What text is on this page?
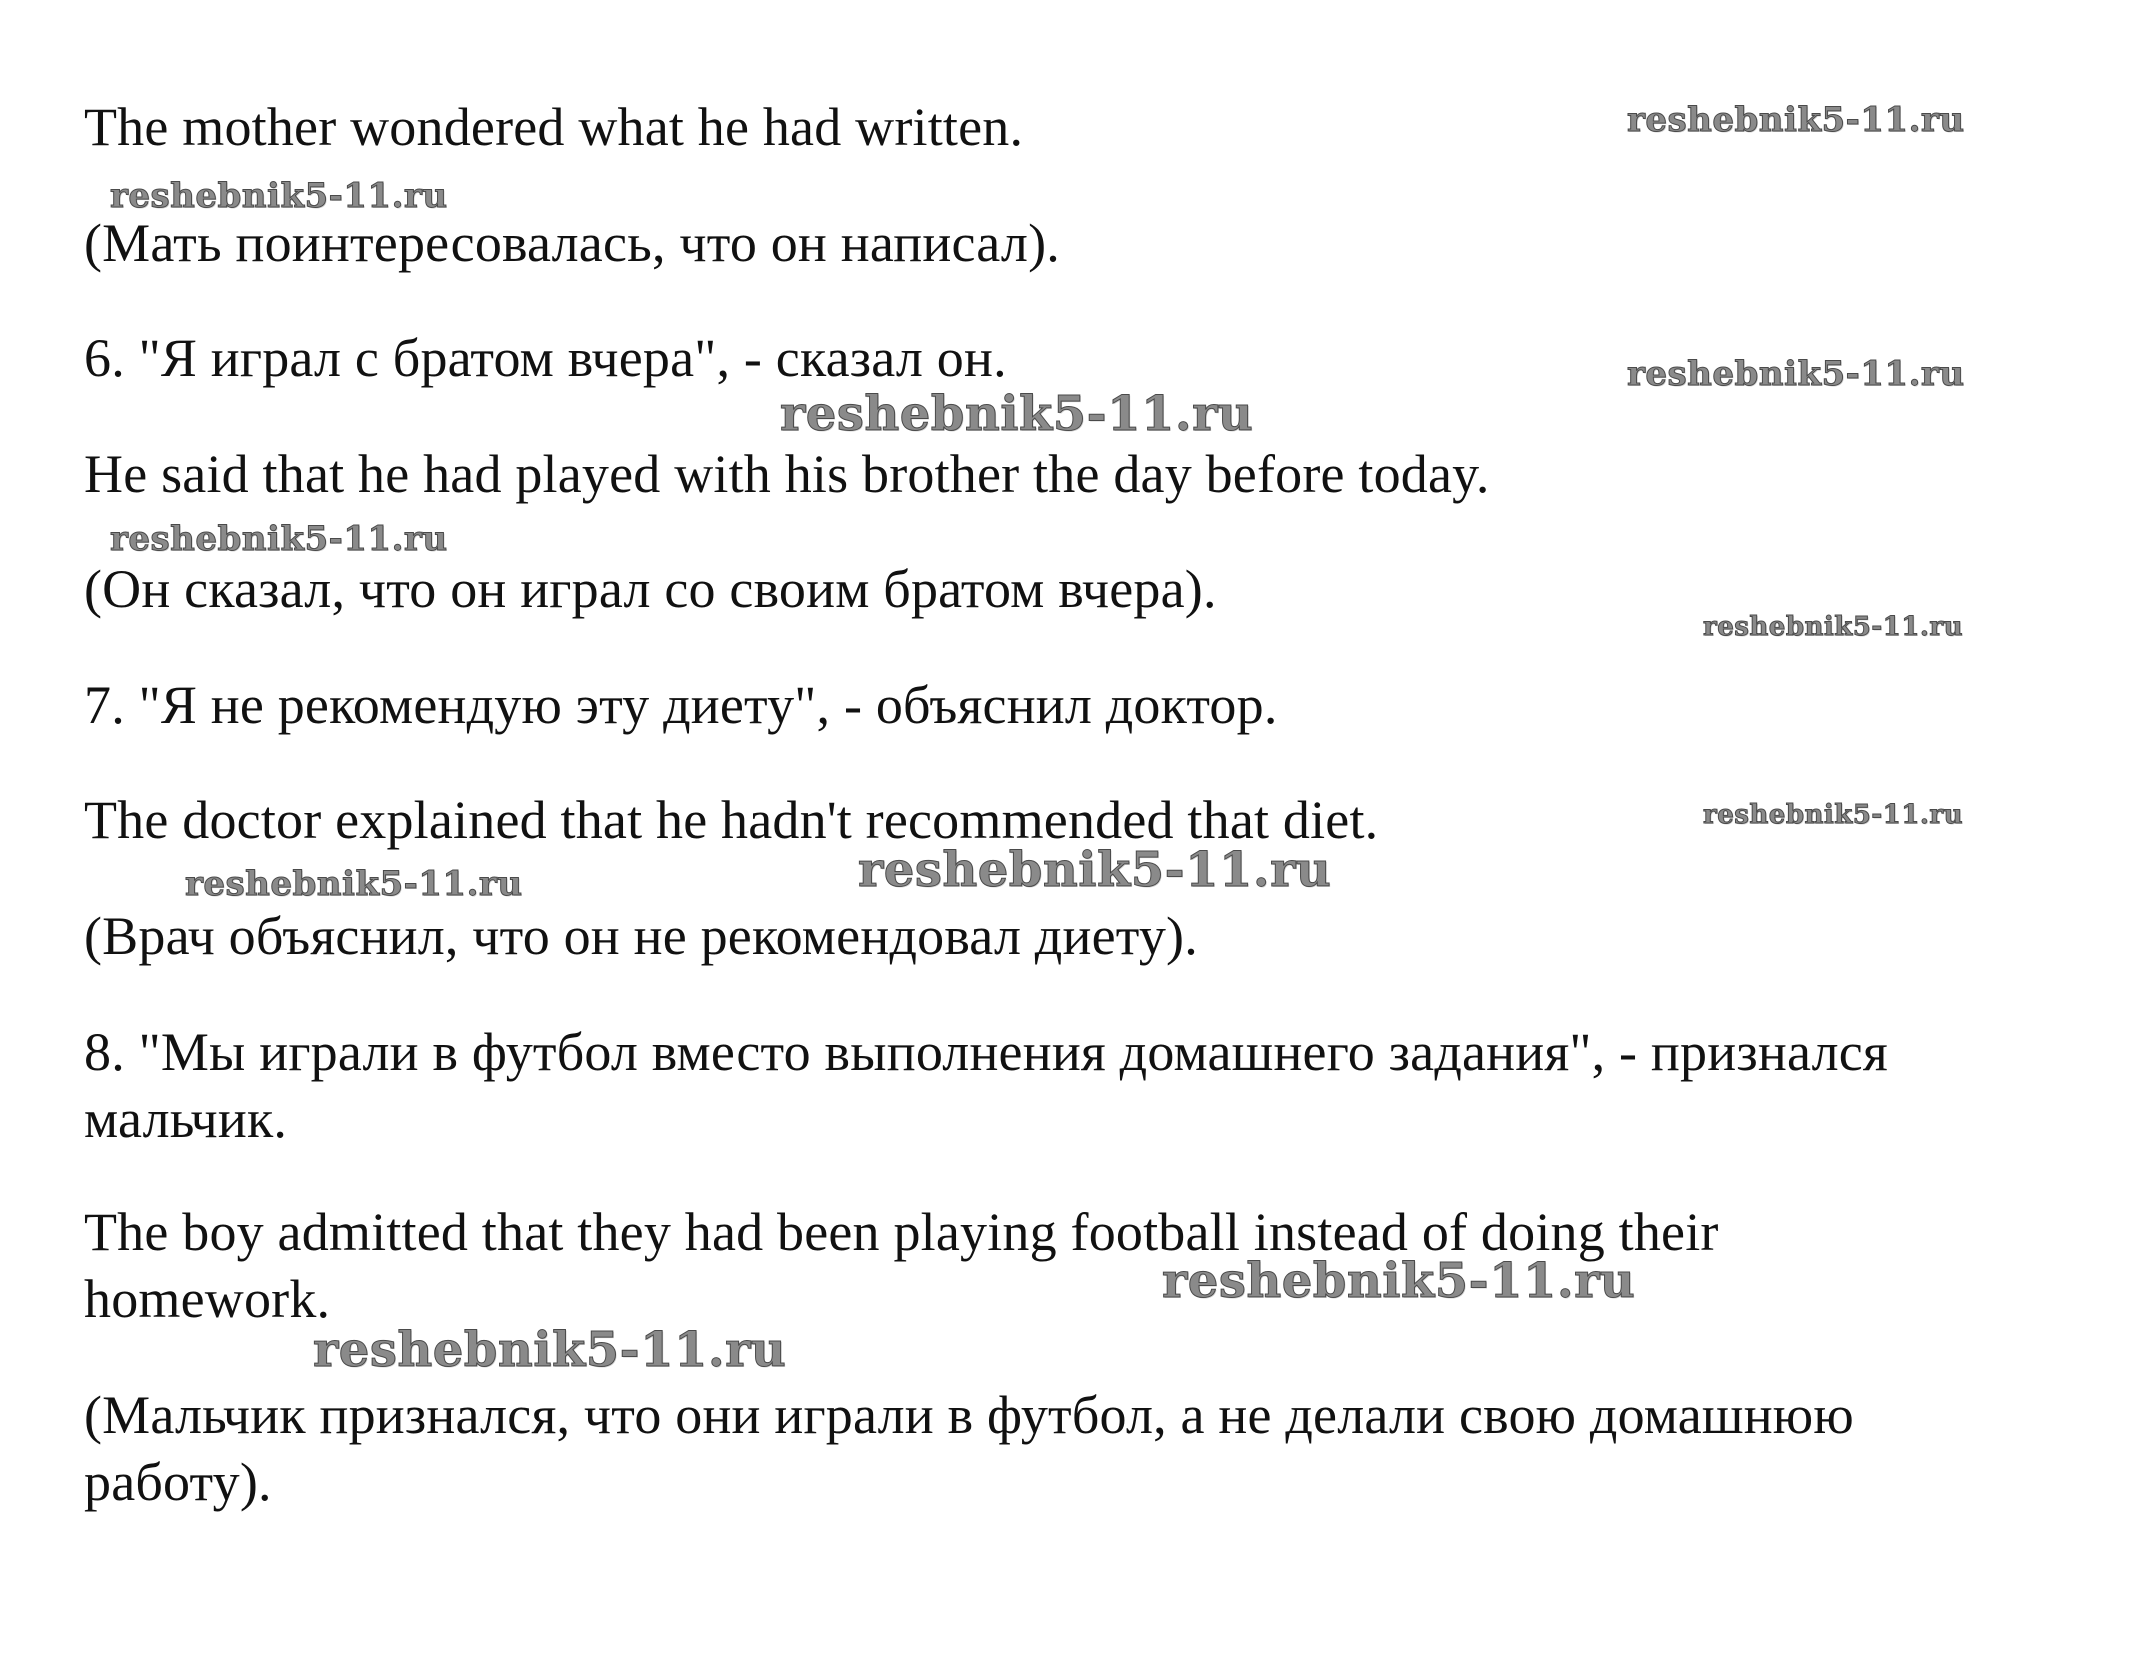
The mother wondered what he had written.
(Мать поинтересовалась, что он написал).
6. "Я играл с братом вчера", - сказал он.
He said that he had played with his brother the day before today.
(Он сказал, что он играл со своим братом вчера).
7. "Я не рекомендую эту диету", - объяснил доктор.
The doctor explained that he hadn't recommended that diet.
(Врач объяснил, что он не рекомендовал диету).
8. "Мы играли в футбол вместо выполнения домашнего задания", - признался
мальчик.
The boy admitted that they had been playing football instead of doing their
homework.
(Мальчик признался, что они играли в футбол, а не делали свою домашнюю
работу).
reshebnik5-11.ru
reshebnik5-11.ru
reshebnik5-11.ru
reshebnik5-11.ru
reshebnik5-11.ru
reshebnik5-11.ru
reshebnik5-11.ru
reshebnik5-11.ru	reshebnik5-11.ru
reshebnik5-11.ru
reshebnik5-11.ru
